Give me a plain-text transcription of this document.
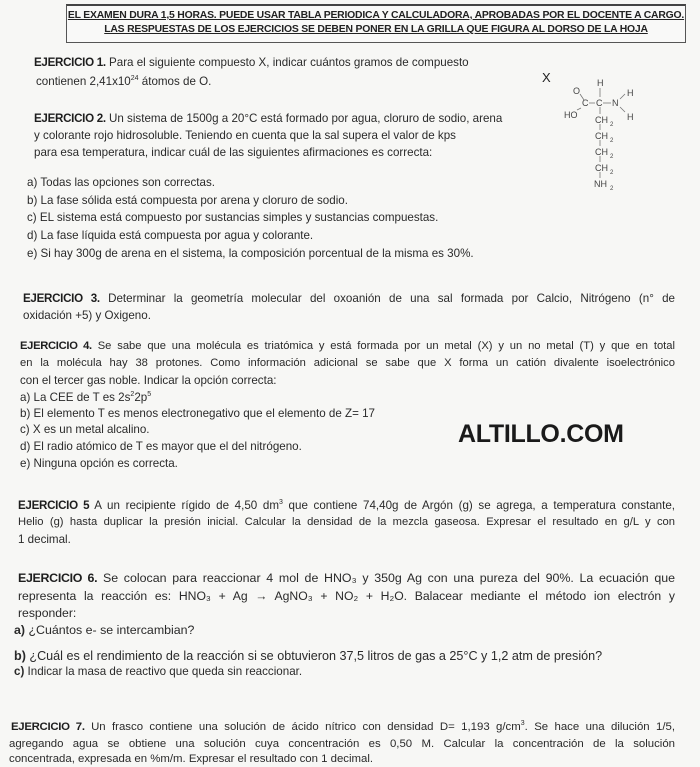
EL EXAMEN DURA 1,5 HORAS. PUEDE USAR TABLA PERIODICA Y CALCULADORA, APROBADAS POR EL DOCENTE A CARGO.
LAS RESPUESTAS DE LOS EJERCICIOS SE DEBEN PONER EN LA GRILLA QUE FIGURA AL DORSO DE LA HOJA
EJERCICIO 1. Para el siguiente compuesto X, indicar cuántos gramos de compuesto
contienen $2,41x10^{24}$ átomos de O.	X
O
H
H
C C N
HO	H
CH 2
CH 2
CH 2
CH 2
NH 2
EJERCICIO 2. Un sistema de 1500g a 20°C está formado por agua, cloruro de sodio, arena
y colorante rojo hidrosoluble. Teniendo en cuenta que la sal supera el valor de kps
para esa temperatura, indicar cuál de las siguientes afirmaciones es correcta:
a) Todas las opciones son correctas.
b) La fase sólida está compuesta por arena y cloruro de sodio.
c) EL sistema está compuesto por sustancias simples y sustancias compuestas.
d) La fase líquida está compuesta por agua y colorante.
e) Si hay 300g de arena en el sistema, la composición porcentual de la misma es 30%.
EJERCICIO 3. Determinar la geometría molecular del oxoanión de una sal formada por Calcio, Nitrógeno (n° de
oxidación +5) y Oxigeno.
EJERCICIO 4. Se sabe que una molécula es triatómica y está formada por un metal (X) y un no metal (T) y que en total
en la molécula hay 38 protones. Como información adicional se sabe que X forma un catión divalente isoelectrónico
con el tercer gas noble. Indicar la opción correcta:
a) La CEE de T es $2s^22p^5$
b) El elemento T es menos electronegativo que el elemento de Z= 17
c) X es un metal alcalino.
d) El radio atómico de T es mayor que el del nitrógeno.
e) Ninguna opción es correcta.
ALTILLO.COM
EJERCICIO 5 A un recipiente rígido de 4,50 $dm^3$ que contiene 74,40g de Argón (g) se agrega, a temperatura constante,
Helio (g) hasta duplicar la presión inicial. Calcular la densidad de la mezcla gaseosa. Expresar el resultado en g/L y con
1 decimal.
EJERCICIO 6. Se colocan para reaccionar 4 mol de HNO₃ y 350g Ag con una pureza del 90%. La ecuación que
representa la reacción es: HNO₃ + Ag → AgNO₃ + NO₂ + H₂O. Balacear mediante el método ion electrón y
responder:
a) ¿Cuántos e- se intercambian?
b) ¿Cuál es el rendimiento de la reacción si se obtuvieron 37,5 litros de gas a 25°C y 1,2 atm de presión?
c) Indicar la masa de reactivo que queda sin reaccionar.
EJERCICIO 7. Un frasco contiene una solución de ácido nítrico con densidad D= 1,193 $g/cm^3$. Se hace una dilución 1/5,
agregando agua se obtiene una solución cuya concentración es 0,50 M. Calcular la concentración de la solución
concentrada, expresada en %m/m. Expresar el resultado con 1 decimal.
